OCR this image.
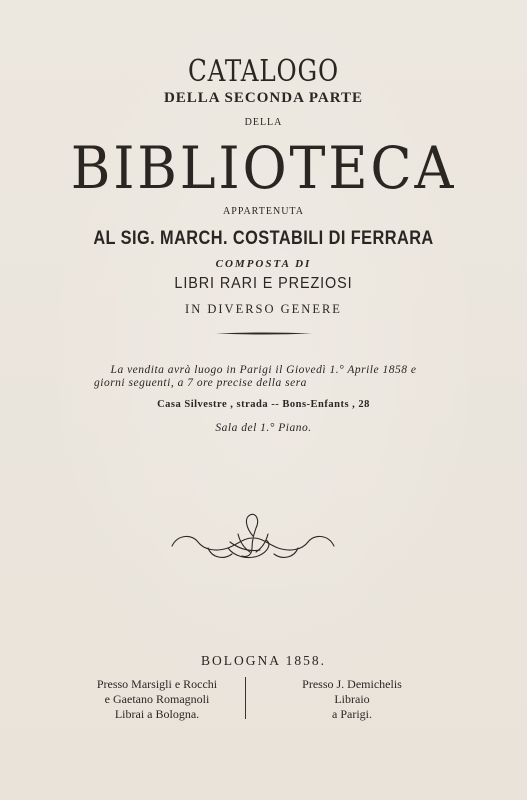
CATALOGO
DELLA SECONDA PARTE
DELLA
BIBLIOTECA
APPARTENUTA
AL SIG. MARCH. COSTABILI DI FERRARA
COMPOSTA DI
LIBRI RARI E PREZIOSI
IN DIVERSO GENERE
La vendita avrà luogo in Parigi il Giovedì 1.° Aprile 1858 e
giorni seguenti, a 7 ore precise della sera
Casa Silvestre , strada -- Bons-Enfants , 28
Sala del 1.° Piano.
BOLOGNA 1858.
Presso Marsigli e Rocchi
e Gaetano Romagnoli
Librai a Bologna.
Presso J. Demichelis
Libraio
a Parigi.
